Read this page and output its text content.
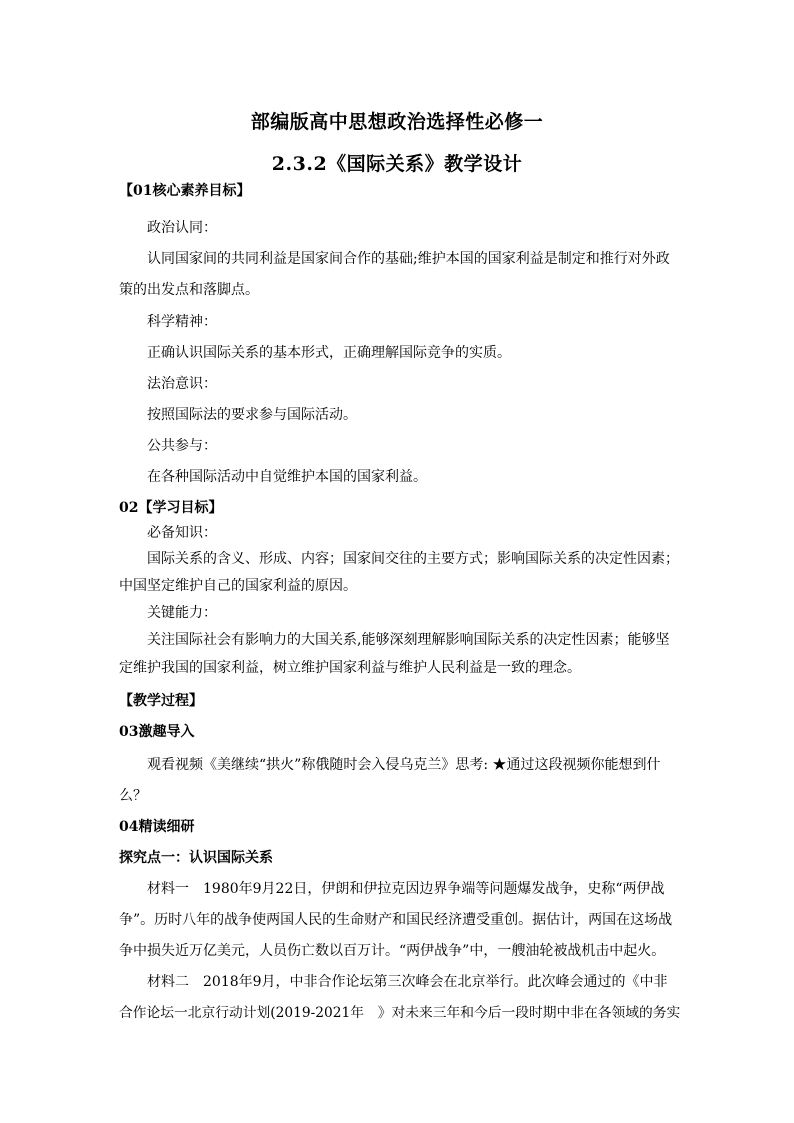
部编版高中思想政治选择性必修一
2.3.2《国际关系》教学设计
【01核心素养目标】
政治认同：
认同国家间的共同利益是国家间合作的基础;维护本国的国家利益是制定和推行对外政
策的出发点和落脚点。
科学精神：
正确认识国际关系的基本形式，正确理解国际竞争的实质。
法治意识：
按照国际法的要求参与国际活动。
公共参与：
在各种国际活动中自觉维护本国的国家利益。
02【学习目标】
必备知识：
国际关系的含义、形成、内容；国家间交往的主要方式；影响国际关系的决定性因素；
中国坚定维护自己的国家利益的原因。
关键能力：
关注国际社会有影响力的大国关系,能够深刻理解影响国际关系的决定性因素；能够坚
定维护我国的国家利益，树立维护国家利益与维护人民利益是一致的理念。
【教学过程】
03激趣导入
观看视频《美继续“拱火”称俄随时会入侵乌克兰》思考: ★通过这段视频你能想到什
么？
04精读细研
探究点一：认识国际关系
材料一　1980年9月22日，伊朗和伊拉克因边界争端等问题爆发战争，史称“两伊战
争”。历时八年的战争使两国人民的生命财产和国民经济遭受重创。据估计，两国在这场战
争中损失近万亿美元，人员伤亡数以百万计。“两伊战争”中，一艘油轮被战机击中起火。
材料二　2018年9月，中非合作论坛第三次峰会在北京举行。此次峰会通过的《中非
合作论坛一北京行动计划(2019-2021年　》对未来三年和今后一段时期中非在各领域的务实
